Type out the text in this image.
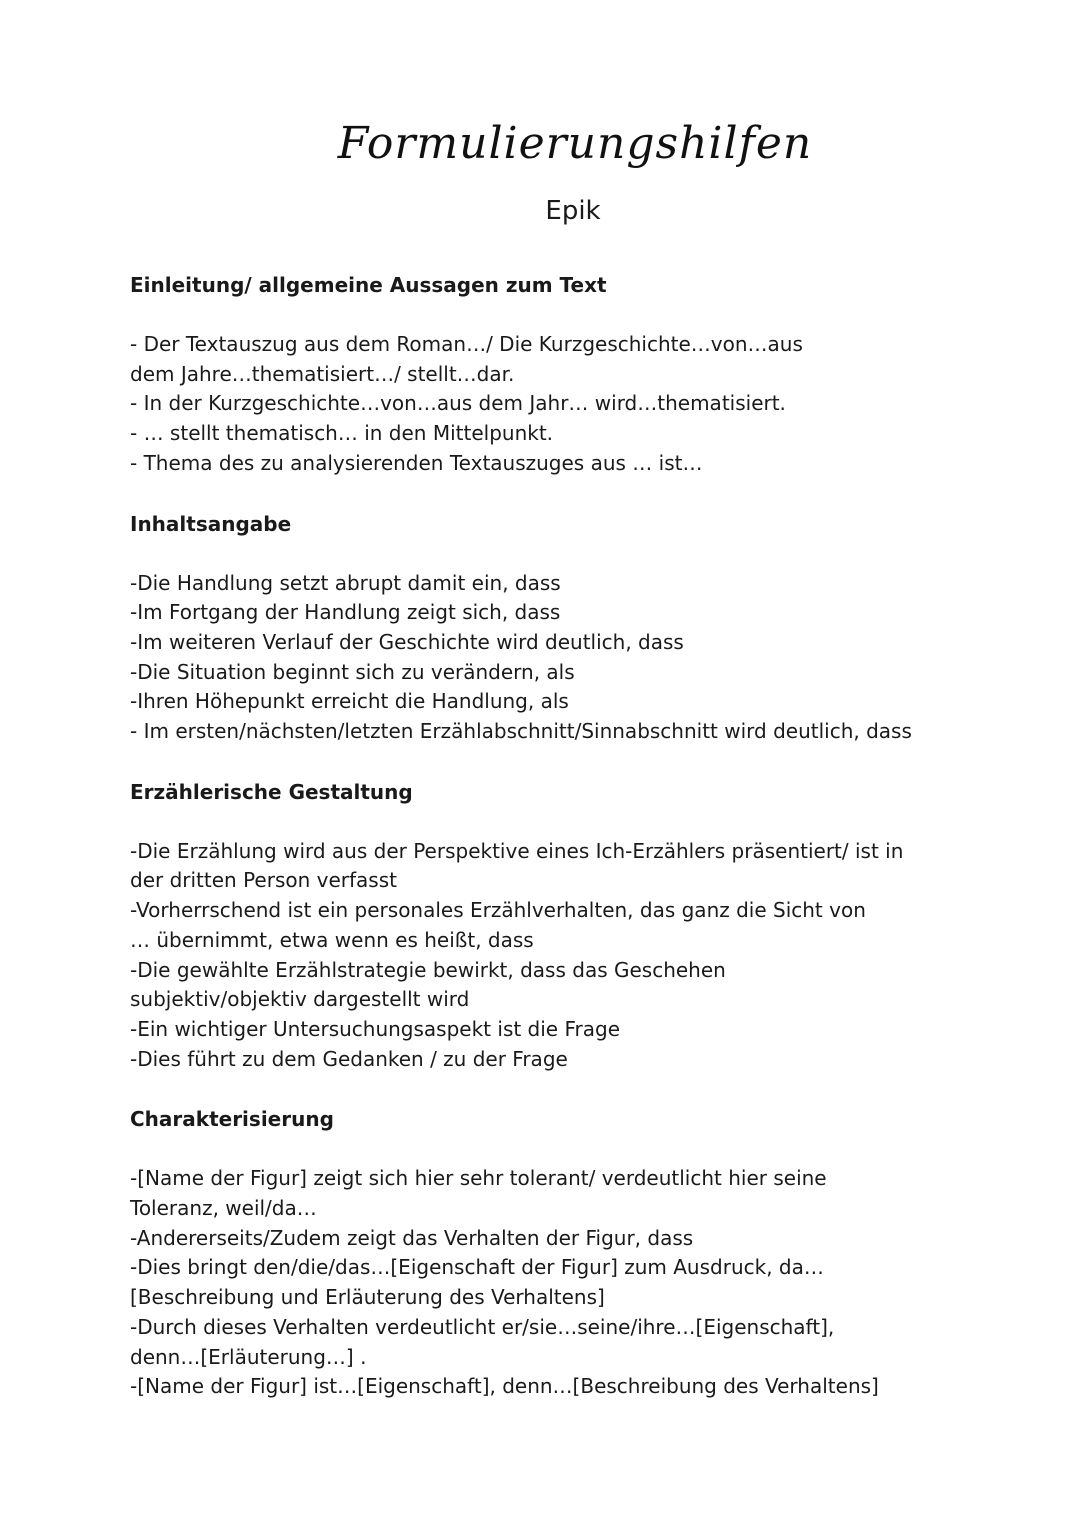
Formulierungshilfen
Epik
Einleitung/ allgemeine Aussagen zum Text
- Der Textauszug aus dem Roman…/ Die Kurzgeschichte…von…aus dem Jahre…thematisiert…/ stellt…dar.
- In der Kurzgeschichte…von…aus dem Jahr… wird…thematisiert.
- … stellt thematisch… in den Mittelpunkt.
- Thema des zu analysierenden Textauszuges aus … ist…
Inhaltsangabe
-Die Handlung setzt abrupt damit ein, dass
-Im Fortgang der Handlung zeigt sich, dass
-Im weiteren Verlauf der Geschichte wird deutlich, dass
-Die Situation beginnt sich zu verändern, als
-Ihren Höhepunkt erreicht die Handlung, als
- Im ersten/nächsten/letzten Erzählabschnitt/Sinnabschnitt wird deutlich, dass
Erzählerische Gestaltung
-Die Erzählung wird aus der Perspektive eines Ich-Erzählers präsentiert/ ist in der dritten Person verfasst
-Vorherrschend ist ein personales Erzählverhalten, das ganz die Sicht von … übernimmt, etwa wenn es heißt, dass
-Die gewählte Erzählstrategie bewirkt, dass das Geschehen subjektiv/objektiv dargestellt wird
-Ein wichtiger Untersuchungsaspekt ist die Frage
-Dies führt zu dem Gedanken / zu der Frage
Charakterisierung
-[Name der Figur] zeigt sich hier sehr tolerant/ verdeutlicht hier seine Toleranz, weil/da…
-Andererseits/Zudem zeigt das Verhalten der Figur, dass
-Dies bringt den/die/das…[Eigenschaft der Figur] zum Ausdruck, da…[Beschreibung und Erläuterung des Verhaltens]
-Durch dieses Verhalten verdeutlicht er/sie…seine/ihre…[Eigenschaft], denn…[Erläuterung…] .
-[Name der Figur] ist…[Eigenschaft], denn…[Beschreibung des Verhaltens]
